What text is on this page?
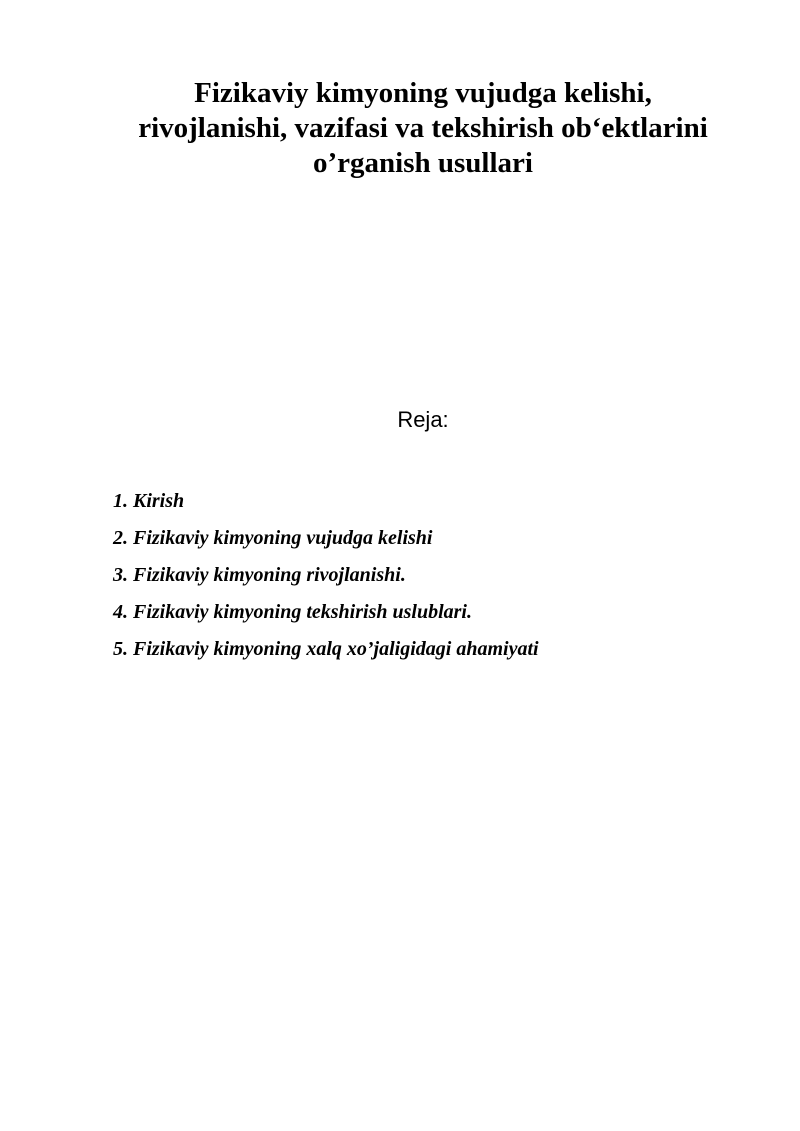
Fizikaviy kimyoning vujudga kelishi,
rivojlanishi, vazifasi va tekshirish ob‘ektlarini
o’rganish usullari

Reja:

1. Kirish
2. Fizikaviy kimyoning vujudga kelishi
3. Fizikaviy kimyoning rivojlanishi.
4. Fizikaviy kimyoning tekshirish uslublari.
5. Fizikaviy kimyoning xalq xo’jaligidagi ahamiyati
